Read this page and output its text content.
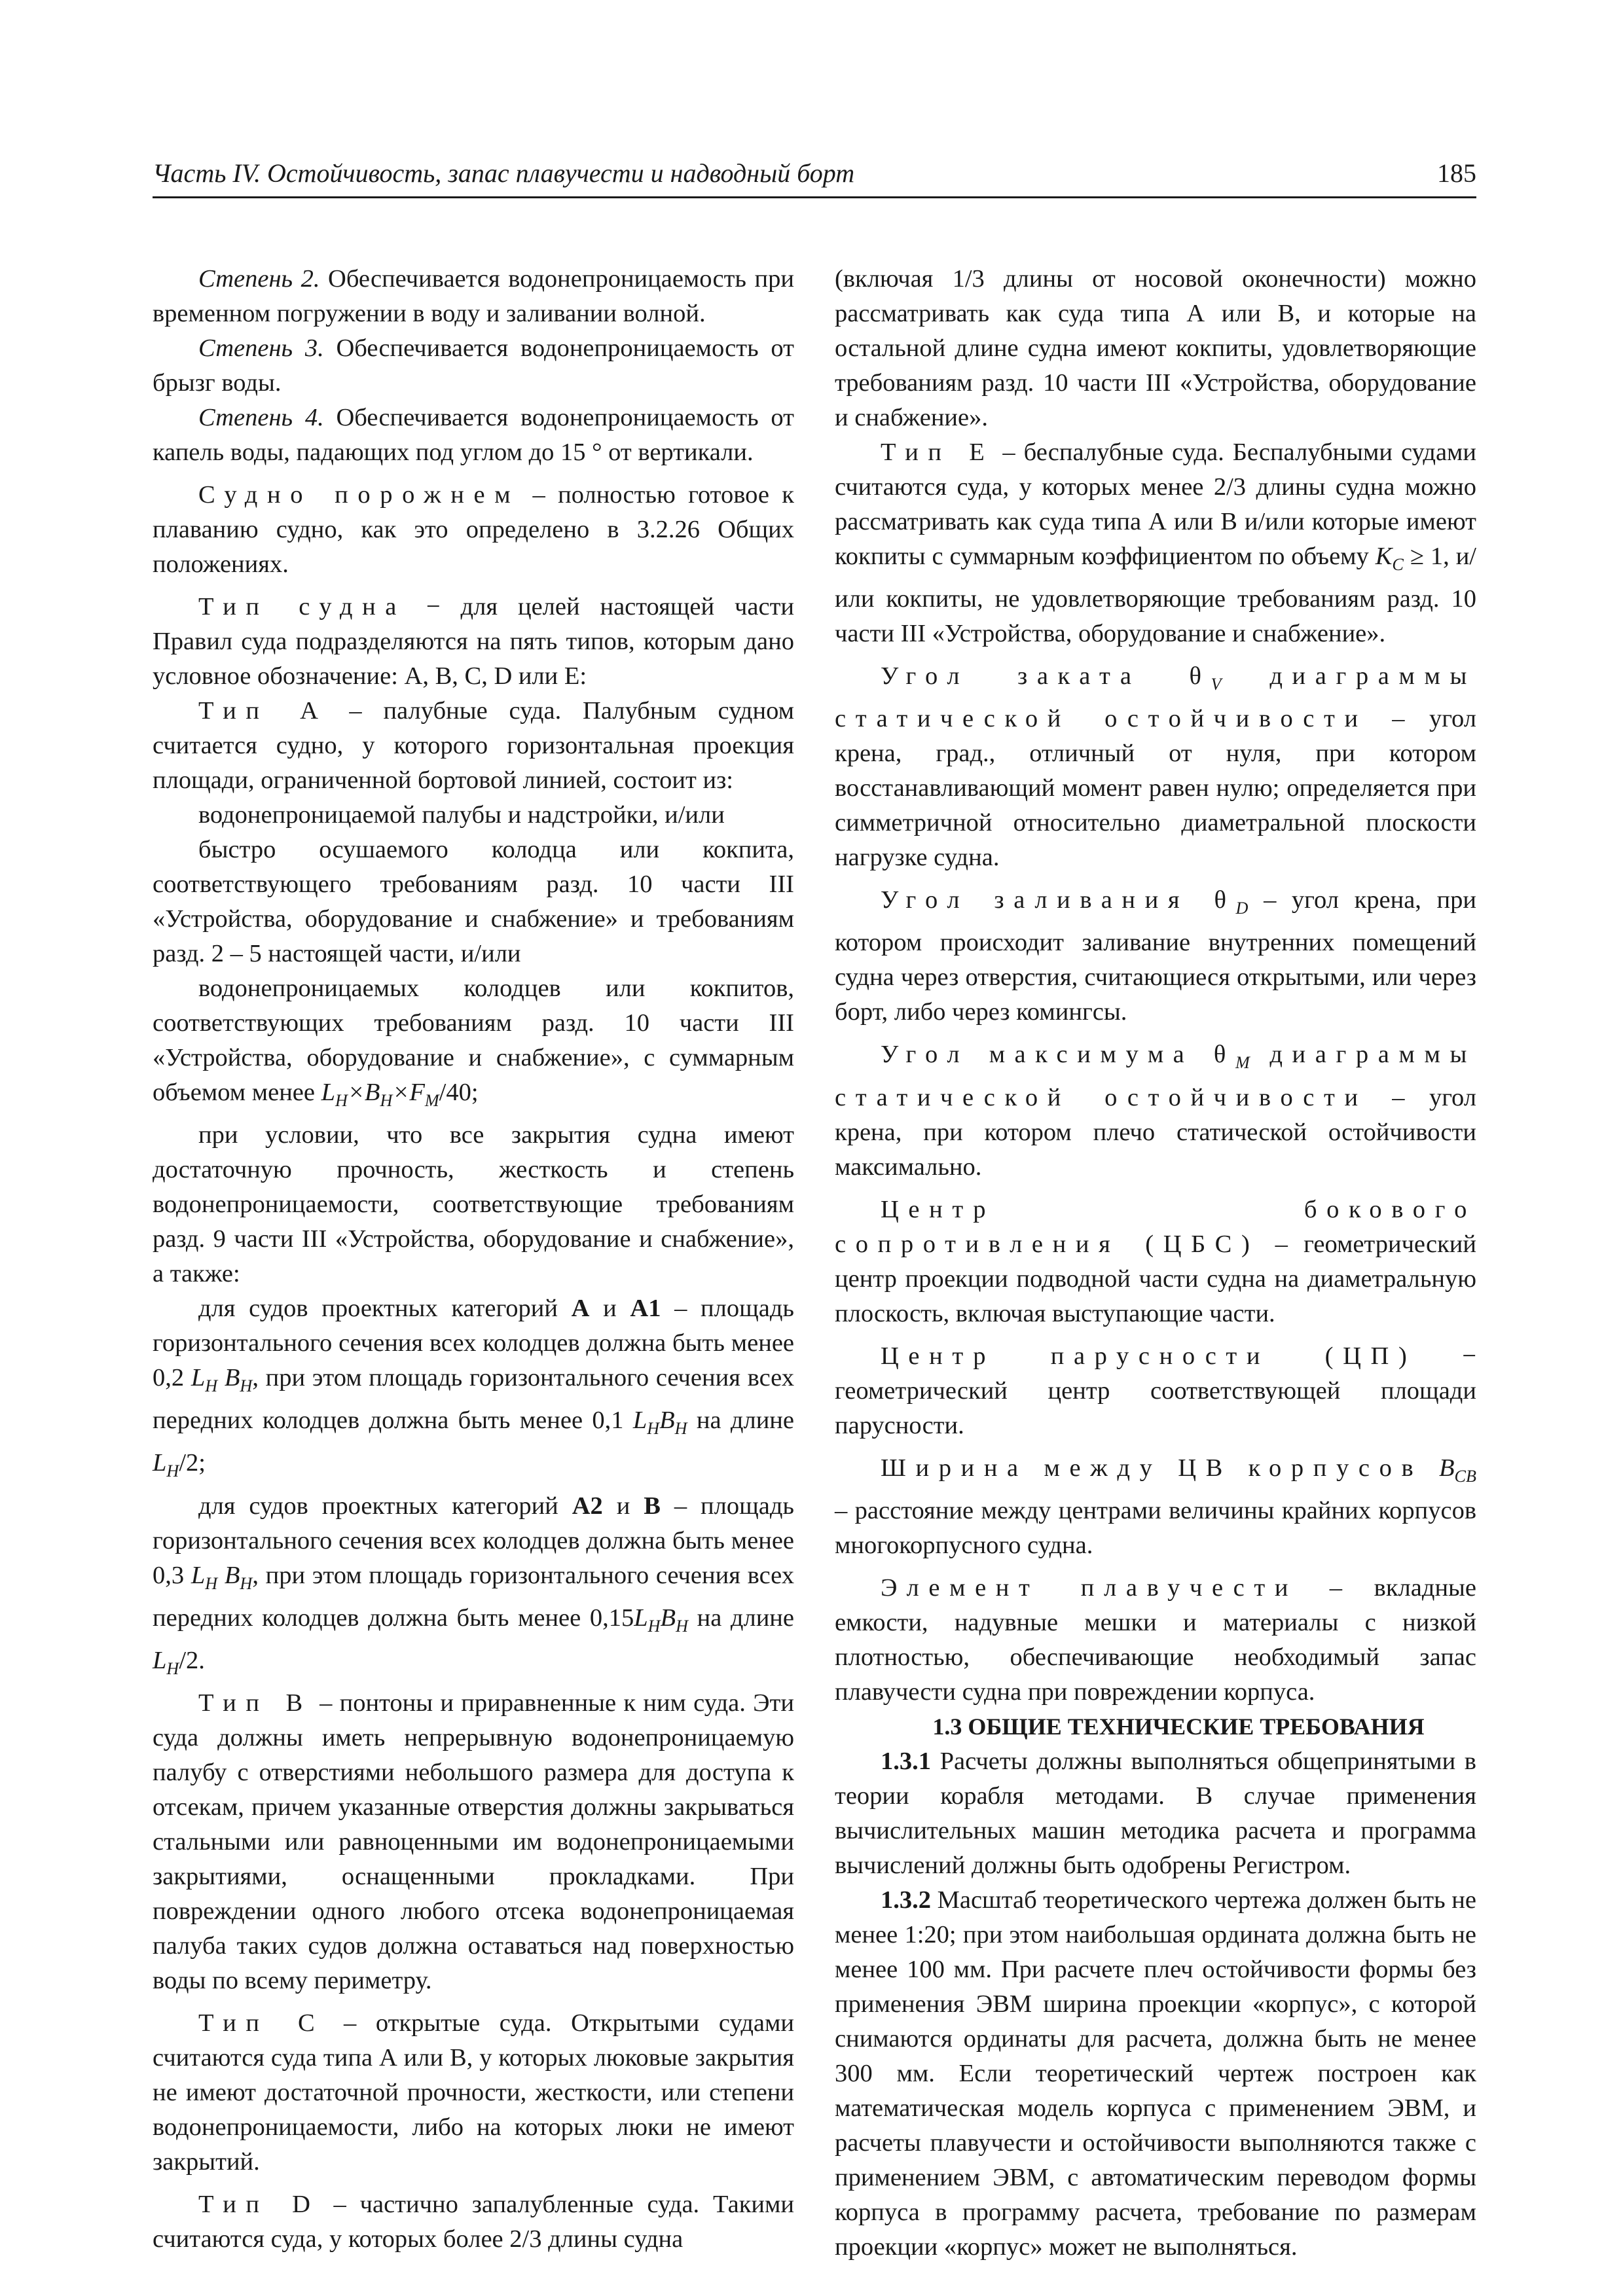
Часть IV. Остойчивость, запас плавучести и надводный борт	185

Степень 2. Обеспечивается водонепроницаемость при временном погружении в воду и заливании волной.

Степень 3. Обеспечивается водонепроницаемость от брызг воды.

Степень 4. Обеспечивается водонепроницаемость от капель воды, падающих под углом до 15 ° от вертикали.

Судно порожнем – полностью готовое к плаванию судно, как это определено в 3.2.26 Общих положениях.

Тип судна − для целей настоящей части Правил суда подразделяются на пять типов, которым дано условное обозначение: А, В, С, D или Е:

Тип А – палубные суда. Палубным судном считается судно, у которого горизонтальная проекция площади, ограниченной бортовой линией, состоит из:

водонепроницаемой палубы и надстройки, и/или

быстро осушаемого колодца или кокпита, соответствующего требованиям разд. 10 части III «Устройства, оборудование и снабжение» и требованиям разд. 2 – 5 настоящей части, и/или

водонепроницаемых колодцев или кокпитов, соответствующих требованиям разд. 10 части III «Устройства, оборудование и снабжение», с суммарным объемом менее $L_H\times B_H\times F_M/40$;

при условии, что все закрытия судна имеют достаточную прочность, жесткость и степень водонепроницаемости, соответствующие требованиям разд. 9 части III «Устройства, оборудование и снабжение», а также:

для судов проектных категорий А и А1 – площадь горизонтального сечения всех колодцев должна быть менее 0,2 $L_H$ $B_H$, при этом площадь горизонтального сечения всех передних колодцев должна быть менее 0,1 $L_HB_H$ на длине $L_H/2$;

для судов проектных категорий А2 и В – площадь горизонтального сечения всех колодцев должна быть менее 0,3 $L_H$ $B_H$, при этом площадь горизонтального сечения всех передних колодцев должна быть менее $0,15L_HB_H$ на длине $L_H/2$.

Тип В – понтоны и приравненные к ним суда. Эти суда должны иметь непрерывную водонепроницаемую палубу с отверстиями небольшого размера для доступа к отсекам, причем указанные отверстия должны закрываться стальными или равноценными им водонепроницаемыми закрытиями, оснащенными прокладками. При повреждении одного любого отсека водонепроницаемая палуба таких судов должна оставаться над поверхностью воды по всему периметру.

Тип С – открытые суда. Открытыми судами считаются суда типа А или В, у которых люковые закрытия не имеют достаточной прочности, жесткости, или степени водонепроницаемости, либо на которых люки не имеют закрытий.

Тип D – частично запалубленные суда. Такими считаются суда, у которых более 2/3 длины судна

(включая 1/3 длины от носовой оконечности) можно рассматривать как суда типа А или В, и которые на остальной длине судна имеют кокпиты, удовлетворяющие требованиям разд. 10 части III «Устройства, оборудование и снабжение».

Тип Е – беспалубные суда. Беспалубными судами считаются суда, у которых менее 2/3 длины судна можно рассматривать как суда типа А или В и/или которые имеют кокпиты с суммарным коэффициентом по объему $K_C \ge 1$, и/или кокпиты, не удовлетворяющие требованиям разд. 10 части III «Устройства, оборудование и снабжение».

Угол заката $\theta_V$ диаграммы статической остойчивости – угол крена, град., отличный от нуля, при котором восстанавливающий момент равен нулю; определяется при симметричной относительно диаметральной плоскости нагрузке судна.

Угол заливания $\theta_D$ – угол крена, при котором происходит заливание внутренних помещений судна через отверстия, считающиеся открытыми, или через борт, либо через комингсы.

Угол максимума $\theta_M$ диаграммы статической остойчивости – угол крена, при котором плечо статической остойчивости максимально.

Центр бокового сопротивления (ЦБС) – геометрический центр проекции подводной части судна на диаметральную плоскость, включая выступающие части.

Центр парусности (ЦП) − геометрический центр соответствующей площади парусности.

Ширина между ЦВ корпусов $B_{CB}$ – расстояние между центрами величины крайних корпусов многокорпусного судна.

Элемент плавучести – вкладные емкости, надувные мешки и материалы с низкой плотностью, обеспечивающие необходимый запас плавучести судна при повреждении корпуса.

1.3 ОБЩИЕ ТЕХНИЧЕСКИЕ ТРЕБОВАНИЯ

1.3.1 Расчеты должны выполняться общепринятыми в теории корабля методами. В случае применения вычислительных машин методика расчета и программа вычислений должны быть одобрены Регистром.

1.3.2 Масштаб теоретического чертежа должен быть не менее 1:20; при этом наибольшая ордината должна быть не менее 100 мм. При расчете плеч остойчивости формы без применения ЭВМ ширина проекции «корпус», с которой снимаются ординаты для расчета, должна быть не менее 300 мм. Если теоретический чертеж построен как математическая модель корпуса с применением ЭВМ, и расчеты плавучести и остойчивости выполняются также с применением ЭВМ, с автоматическим переводом формы корпуса в программу расчета, требование по размерам проекции «корпус» может не выполняться.
